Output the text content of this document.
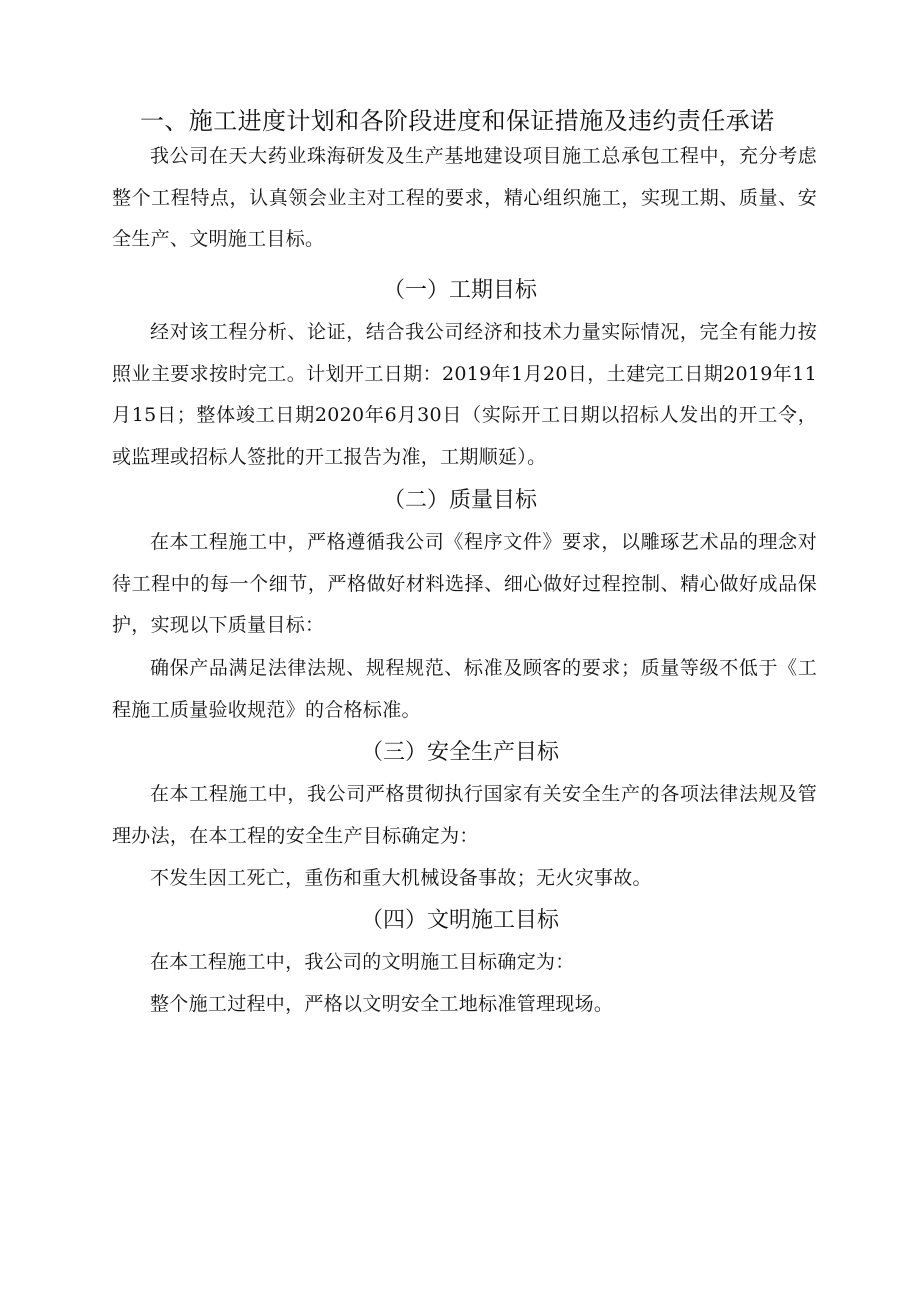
一、施工进度计划和各阶段进度和保证措施及违约责任承诺

我公司在天大药业珠海研发及生产基地建设项目施工总承包工程中，充分考虑整个工程特点，认真领会业主对工程的要求，精心组织施工，实现工期、质量、安全生产、文明施工目标。

（一）工期目标

经对该工程分析、论证，结合我公司经济和技术力量实际情况，完全有能力按照业主要求按时完工。计划开工日期：2019年1月20日，土建完工日期2019年11月15日；整体竣工日期2020年6月30日（实际开工日期以招标人发出的开工令，或监理或招标人签批的开工报告为准，工期顺延）。

（二）质量目标

在本工程施工中，严格遵循我公司《程序文件》要求，以雕琢艺术品的理念对待工程中的每一个细节，严格做好材料选择、细心做好过程控制、精心做好成品保护，实现以下质量目标：

确保产品满足法律法规、规程规范、标准及顾客的要求；质量等级不低于《工程施工质量验收规范》的合格标准。

（三）安全生产目标

在本工程施工中，我公司严格贯彻执行国家有关安全生产的各项法律法规及管理办法，在本工程的安全生产目标确定为：

不发生因工死亡，重伤和重大机械设备事故；无火灾事故。

（四）文明施工目标

在本工程施工中，我公司的文明施工目标确定为：

整个施工过程中，严格以文明安全工地标准管理现场。
